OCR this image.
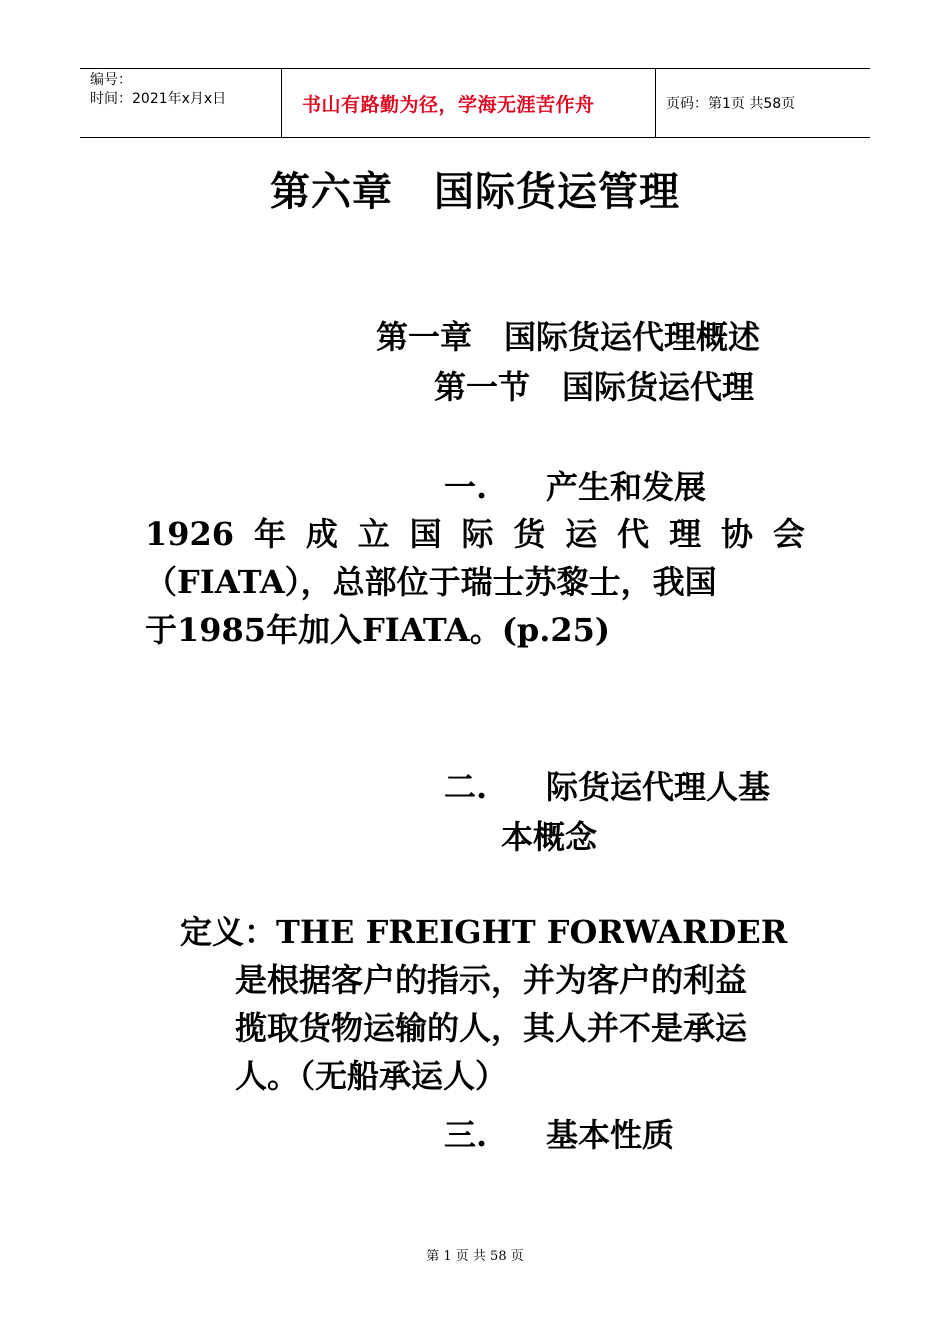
编号：
时间：2021年x月x日	书山有路勤为径，学海无涯苦作舟	页码：第1页 共58页
第六章　国际货运管理
第一章　国际货运代理概述
第一节　国际货运代理
一. 产生和发展
1926 年 成 立 国 际 货 运 代 理 协 会
（FIATA），总部位于瑞士苏黎士，我国
于1985年加入FIATA。(p.25)
二. 际货运代理人基
本概念
定义：THE FREIGHT FORWARDER
是根据客户的指示，并为客户的利益
揽取货物运输的人，其人并不是承运
人。（无船承运人）
三. 基本性质
第 1 页 共 58 页
